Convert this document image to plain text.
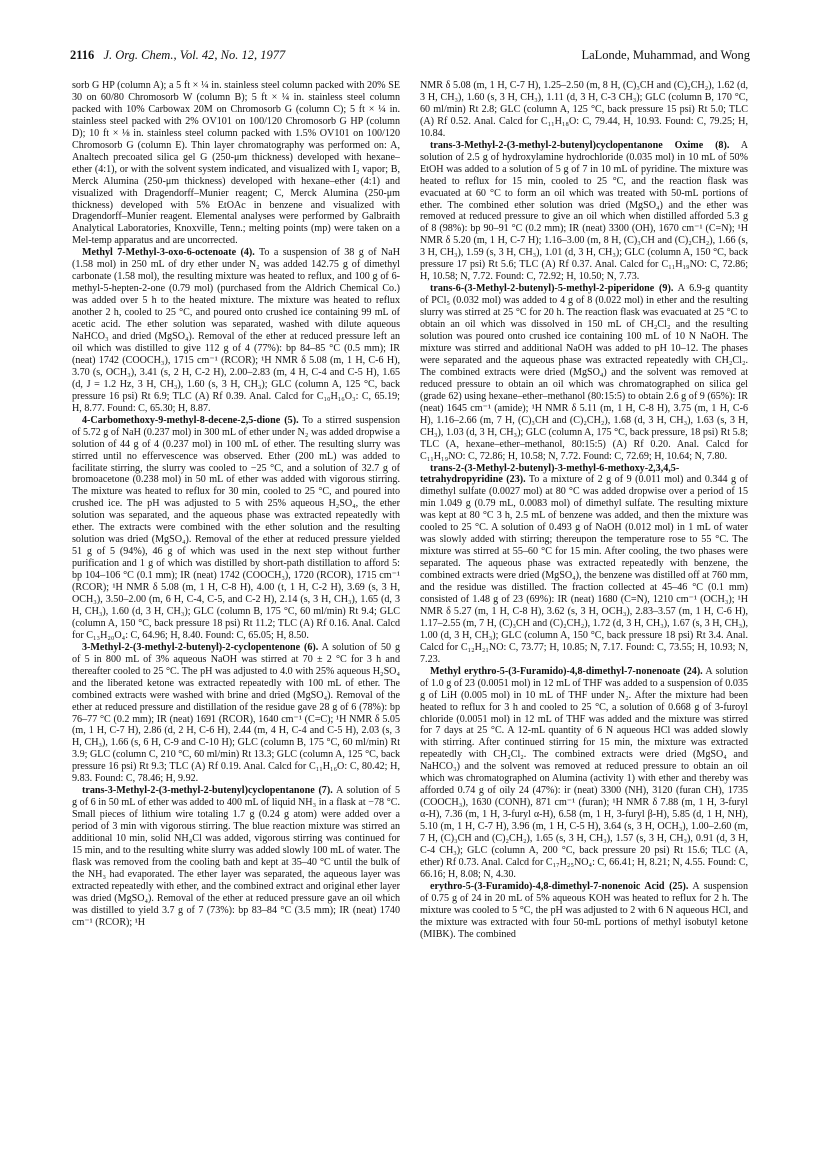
2116 J. Org. Chem., Vol. 42, No. 12, 1977	LaLonde, Muhammad, and Wong

sorb G HP (column A); a 5 ft × ¼ in. stainless steel column packed with 20% SE 30 on 60/80 Chromosorb W (column B); 5 ft × ¼ in. stainless steel column packed with 10% Carbowax 20M on Chromosorb G (column C); 5 ft × ¼ in. stainless steel packed with 2% OV101 on 100/120 Chromosorb G HP (column D); 10 ft × ⅛ in. stainless steel column packed with 1.5% OV101 on 100/120 Chromosorb G (column E). Thin layer chromatography was performed on: A, Analtech precoated silica gel G (250-μm thickness) developed with hexane–ether (4:1), or with the solvent system indicated, and visualized with I₂ vapor; B, Merck Alumina (250-μm thickness) developed with hexane–ether (4:1) and visualized with Dragendorff–Munier reagent; C, Merck Alumina (250-μm thickness) developed with 5% EtOAc in benzene and visualized with Dragendorff–Munier reagent. Elemental analyses were performed by Galbraith Analytical Laboratories, Knoxville, Tenn.; melting points (mp) were taken on a Mel-temp apparatus and are uncorrected.

Methyl 7-Methyl-3-oxo-6-octenoate (4). To a suspension of 38 g of NaH (1.58 mol) in 250 mL of dry ether under N₂ was added 142.75 g of dimethyl carbonate (1.58 mol), the resulting mixture was heated to reflux, and 100 g of 6-methyl-5-hepten-2-one (0.79 mol) (purchased from the Aldrich Chemical Co.) was added over 5 h to the heated mixture. The mixture was heated to reflux another 2 h, cooled to 25 °C, and poured onto crushed ice containing 99 mL of acetic acid. The ether solution was separated, washed with dilute aqueous NaHCO₃ and dried (MgSO₄). Removal of the ether at reduced pressure left an oil which was distilled to give 112 g of 4 (77%): bp 84–85 °C (0.5 mm); IR (neat) 1742 (COOCH₃), 1715 cm⁻¹ (RCOR); ¹H NMR δ 5.08 (m, 1 H, C-6 H), 3.70 (s, OCH₃), 3.41 (s, 2 H, C-2 H), 2.00–2.83 (m, 4 H, C-4 and C-5 H), 1.65 (d, J = 1.2 Hz, 3 H, CH₃), 1.60 (s, 3 H, CH₃); GLC (column A, 125 °C, back pressure 16 psi) Rt 6.9; TLC (A) Rf 0.39. Anal. Calcd for C₁₀H₁₆O₃: C, 65.19; H, 8.77. Found: C, 65.30; H, 8.87.

4-Carbomethoxy-9-methyl-8-decene-2,5-dione (5). To a stirred suspension of 5.72 g of NaH (0.237 mol) in 300 mL of ether under N₂ was added dropwise a solution of 44 g of 4 (0.237 mol) in 100 mL of ether. The resulting slurry was stirred until no effervescence was observed. Ether (200 mL) was added to facilitate stirring, the slurry was cooled to −25 °C, and a solution of 32.7 g of bromoacetone (0.238 mol) in 50 mL of ether was added with vigorous stirring. The mixture was heated to reflux for 30 min, cooled to 25 °C, and poured into crushed ice. The pH was adjusted to 5 with 25% aqueous H₂SO₄, the ether solution was separated, and the aqueous phase was extracted repeatedly with ether. The extracts were combined with the ether solution and the resulting solution was dried (MgSO₄). Removal of the ether at reduced pressure yielded 51 g of 5 (94%), 46 g of which was used in the next step without further purification and 1 g of which was distilled by short-path distillation to afford 5: bp 104–106 °C (0.1 mm); IR (neat) 1742 (COOCH₃), 1720 (RCOR), 1715 cm⁻¹ (RCOR); ¹H NMR δ 5.08 (m, 1 H, C-8 H), 4.00 (t, 1 H, C-2 H), 3.69 (s, 3 H, OCH₃), 3.50–2.00 (m, 6 H, C-4, C-5, and C-2 H), 2.14 (s, 3 H, CH₃), 1.65 (d, 3 H, CH₃), 1.60 (d, 3 H, CH₃); GLC (column B, 175 °C, 60 ml/min) Rt 9.4; GLC (column A, 150 °C, back pressure 18 psi) Rt 11.2; TLC (A) Rf 0.16. Anal. Calcd for C₁₃H₂₀O₄: C, 64.96; H, 8.40. Found: C, 65.05; H, 8.50.

3-Methyl-2-(3-methyl-2-butenyl)-2-cyclopentenone (6). A solution of 50 g of 5 in 800 mL of 3% aqueous NaOH was stirred at 70 ± 2 °C for 3 h and thereafter cooled to 25 °C. The pH was adjusted to 4.0 with 25% aqueous H₂SO₄ and the liberated ketone was extracted repeatedly with 100 mL of ether. The combined extracts were washed with brine and dried (MgSO₄). Removal of the ether at reduced pressure and distillation of the residue gave 28 g of 6 (78%): bp 76–77 °C (0.2 mm); IR (neat) 1691 (RCOR), 1640 cm⁻¹ (C=C); ¹H NMR δ 5.05 (m, 1 H, C-7 H), 2.86 (d, 2 H, C-6 H), 2.44 (m, 4 H, C-4 and C-5 H), 2.03 (s, 3 H, CH₃), 1.66 (s, 6 H, C-9 and C-10 H); GLC (column B, 175 °C, 60 ml/min) Rt 3.9; GLC (column C, 210 °C, 60 ml/min) Rt 13.3; GLC (column A, 125 °C, back pressure 16 psi) Rt 9.3; TLC (A) Rf 0.19. Anal. Calcd for C₁₁H₁₆O: C, 80.42; H, 9.83. Found: C, 78.46; H, 9.92.

trans-3-Methyl-2-(3-methyl-2-butenyl)cyclopentanone (7). A solution of 5 g of 6 in 50 mL of ether was added to 400 mL of liquid NH₃ in a flask at −78 °C. Small pieces of lithium wire totaling 1.7 g (0.24 g atom) were added over a period of 3 min with vigorous stirring. The blue reaction mixture was stirred an additional 10 min, solid NH₄Cl was added, vigorous stirring was continued for 15 min, and to the resulting white slurry was added slowly 100 mL of water. The flask was removed from the cooling bath and kept at 35–40 °C until the bulk of the NH₃ had evaporated. The ether layer was separated, the aqueous layer was extracted repeatedly with ether, and the combined extract and original ether layer was dried (MgSO₄). Removal of the ether at reduced pressure gave an oil which was distilled to yield 3.7 g of 7 (73%): bp 83–84 °C (3.5 mm); IR (neat) 1740 cm⁻¹ (RCOR); ¹H

NMR δ 5.08 (m, 1 H, C-7 H), 1.25–2.50 (m, 8 H, (C)₃CH and (C)₂CH₂), 1.62 (d, 3 H, CH₃), 1.60 (s, 3 H, CH₃), 1.11 (d, 3 H, C-3 CH₃); GLC (column B, 170 °C, 60 ml/min) Rt 2.8; GLC (column A, 125 °C, back pressure 15 psi) Rt 5.0; TLC (A) Rf 0.52. Anal. Calcd for C₁₁H₁₈O: C, 79.44, H, 10.93. Found: C, 79.25; H, 10.84.

trans-3-Methyl-2-(3-methyl-2-butenyl)cyclopentanone Oxime (8). A solution of 2.5 g of hydroxylamine hydrochloride (0.035 mol) in 10 mL of 50% EtOH was added to a solution of 5 g of 7 in 10 mL of pyridine. The mixture was heated to reflux for 15 min, cooled to 25 °C, and the reaction flask was evacuated at 60 °C to form an oil which was treated with 50-mL portions of ether. The combined ether solution was dried (MgSO₄) and the ether was removed at reduced pressure to give an oil which when distilled afforded 5.3 g of 8 (98%): bp 90–91 °C (0.2 mm); IR (neat) 3300 (OH), 1670 cm⁻¹ (C=N); ¹H NMR δ 5.20 (m, 1 H, C-7 H); 1.16–3.00 (m, 8 H, (C)₃CH and (C)₂CH₂), 1.66 (s, 3 H, CH₃), 1.59 (s, 3 H, CH₃), 1.01 (d, 3 H, CH₃); GLC (column A, 150 °C, back pressure 17 psi) Rt 5.6; TLC (A) Rf 0.37. Anal. Calcd for C₁₁H₁₉NO: C, 72.86; H, 10.58; N, 7.72. Found: C, 72.92; H, 10.50; N, 7.73.

trans-6-(3-Methyl-2-butenyl)-5-methyl-2-piperidone (9). A 6.9-g quantity of PCl₅ (0.032 mol) was added to 4 g of 8 (0.022 mol) in ether and the resulting slurry was stirred at 25 °C for 20 h. The reaction flask was evacuated at 25 °C to obtain an oil which was dissolved in 150 mL of CH₂Cl₂ and the resulting solution was poured onto crushed ice containing 100 mL of 10 N NaOH. The mixture was stirred and additional NaOH was added to pH 10–12. The phases were separated and the aqueous phase was extracted repeatedly with CH₂Cl₂. The combined extracts were dried (MgSO₄) and the solvent was removed at reduced pressure to obtain an oil which was chromatographed on silica gel (grade 62) using hexane–ether–methanol (80:15:5) to obtain 2.6 g of 9 (65%): IR (neat) 1645 cm⁻¹ (amide); ¹H NMR δ 5.11 (m, 1 H, C-8 H), 3.75 (m, 1 H, C-6 H), 1.16–2.66 (m, 7 H, (C)₃CH and (C)₂CH₂), 1.68 (d, 3 H, CH₃), 1.63 (s, 3 H, CH₃), 1.03 (d, 3 H, CH₃); GLC (column A, 175 °C, back pressure, 18 psi) Rt 5.8; TLC (A, hexane–ether–methanol, 80:15:5) (A) Rf 0.20. Anal. Calcd for C₁₁H₁₉NO: C, 72.86; H, 10.58; N, 7.72. Found: C, 72.69; H, 10.64; N, 7.80.

trans-2-(3-Methyl-2-butenyl)-3-methyl-6-methoxy-2,3,4,5-tetrahydropyridine (23). To a mixture of 2 g of 9 (0.011 mol) and 0.344 g of dimethyl sulfate (0.0027 mol) at 80 °C was added dropwise over a period of 15 min 1.049 g (0.79 mL, 0.0083 mol) of dimethyl sulfate. The resulting mixture was kept at 80 °C 3 h, 2.5 mL of benzene was added, and then the mixture was cooled to 25 °C. A solution of 0.493 g of NaOH (0.012 mol) in 1 mL of water was slowly added with stirring; thereupon the temperature rose to 55 °C. The mixture was stirred at 55–60 °C for 15 min. After cooling, the two phases were separated. The aqueous phase was extracted repeatedly with benzene, the combined extracts were dried (MgSO₄), the benzene was distilled off at 760 mm, and the residue was distilled. The fraction collected at 45–46 °C (0.1 mm) consisted of 1.48 g of 23 (69%): IR (neat) 1680 (C=N), 1210 cm⁻¹ (OCH₃); ¹H NMR δ 5.27 (m, 1 H, C-8 H), 3.62 (s, 3 H, OCH₃), 2.83–3.57 (m, 1 H, C-6 H), 1.17–2.55 (m, 7 H, (C)₃CH and (C)₂CH₂), 1.72 (d, 3 H, CH₃), 1.67 (s, 3 H, CH₃), 1.00 (d, 3 H, CH₃); GLC (column A, 150 °C, back pressure 18 psi) Rt 3.4. Anal. Calcd for C₁₂H₂₁NO: C, 73.77; H, 10.85; N, 7.17. Found: C, 73.55; H, 10.93; N, 7.23.

Methyl erythro-5-(3-Furamido)-4,8-dimethyl-7-nonenoate (24). A solution of 1.0 g of 23 (0.0051 mol) in 12 mL of THF was added to a suspension of 0.035 g of LiH (0.005 mol) in 10 mL of THF under N₂. After the mixture had been heated to reflux for 3 h and cooled to 25 °C, a solution of 0.668 g of 3-furoyl chloride (0.0051 mol) in 12 mL of THF was added and the mixture was stirred for 7 days at 25 °C. A 12-mL quantity of 6 N aqueous HCl was added slowly with stirring. After continued stirring for 15 min, the mixture was extracted repeatedly with CH₂Cl₂. The combined extracts were dried (MgSO₄ and NaHCO₃) and the solvent was removed at reduced pressure to obtain an oil which was chromatographed on Alumina (activity 1) with ether and thereby was afforded 0.74 g of oily 24 (47%): ir (neat) 3300 (NH), 3120 (furan CH), 1735 (COOCH₃), 1630 (CONH), 871 cm⁻¹ (furan); ¹H NMR δ 7.88 (m, 1 H, 3-furyl α-H), 7.36 (m, 1 H, 3-furyl α-H), 6.58 (m, 1 H, 3-furyl β-H), 5.85 (d, 1 H, NH), 5.10 (m, 1 H, C-7 H), 3.96 (m, 1 H, C-5 H), 3.64 (s, 3 H, OCH₃), 1.00–2.60 (m, 7 H, (C)₃CH and (C)₂CH₂), 1.65 (s, 3 H, CH₃), 1.57 (s, 3 H, CH₃), 0.91 (d, 3 H, C-4 CH₃); GLC (column A, 200 °C, back pressure 20 psi) Rt 15.6; TLC (A, ether) Rf 0.73. Anal. Calcd for C₁₇H₂₅NO₄: C, 66.41; H, 8.21; N, 4.55. Found: C, 66.16; H, 8.08; N, 4.30.

erythro-5-(3-Furamido)-4,8-dimethyl-7-nonenoic Acid (25). A suspension of 0.75 g of 24 in 20 mL of 5% aqueous KOH was heated to reflux for 2 h. The mixture was cooled to 5 °C, the pH was adjusted to 2 with 6 N aqueous HCl, and the mixture was extracted with four 50-mL portions of methyl isobutyl ketone (MIBK). The combined
